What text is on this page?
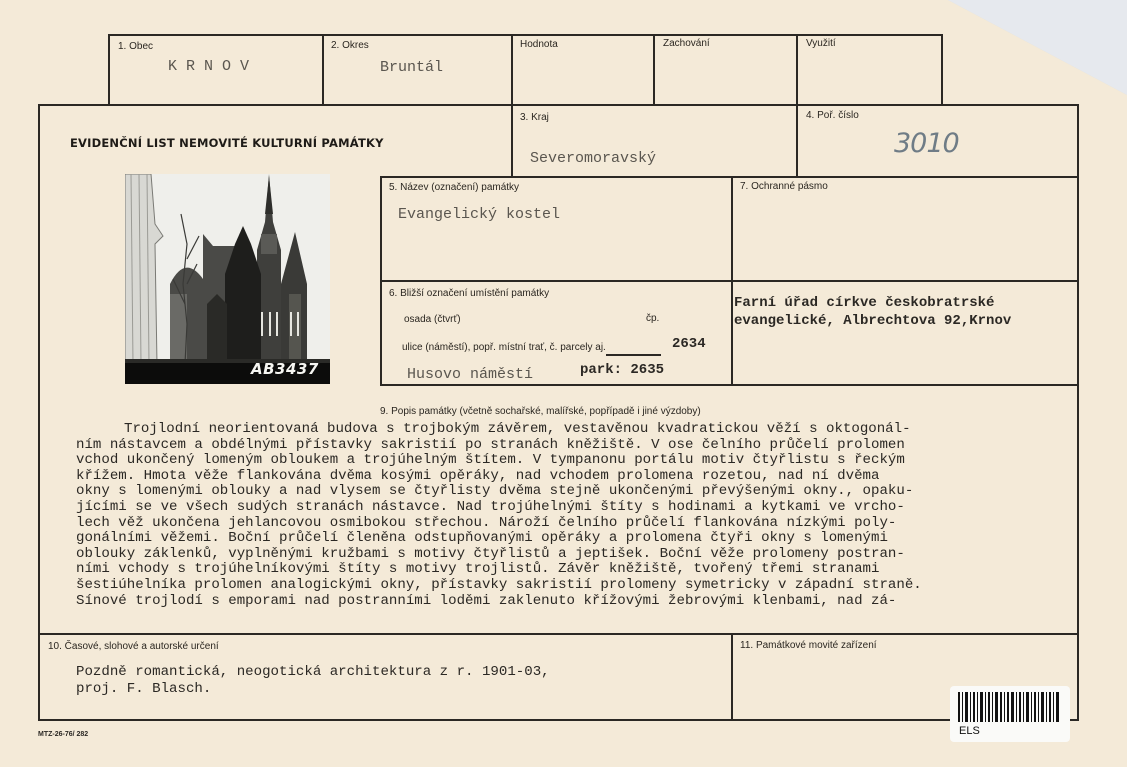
1. Obec
K R N O V
2. Okres
Bruntál
Hodnota	Zachování	Využití
EVIDENČNÍ LIST NEMOVITÉ KULTURNÍ PAMÁTKY
3. Kraj
Severomoravský
4. Poř. číslo
3010
AB3437
5. Název (označení) památky
Evangelický kostel
7. Ochranné pásmo
6. Bližší označení umístění památky
osada (čtvrť)	čp.
ulice (náměstí), popř. místní trať, č. parcely aj.	2634
Husovo náměstí	park: 2635
Farní úřad církve českobratrské
evangelické, Albrechtova 92,Krnov
9. Popis památky (včetně sochařské, malířské, popřípadě i jiné výzdoby)
Trojlodní neorientovaná budova s trojbokým závěrem, vestavěnou kvadratickou věží s oktogonál-
ním nástavcem a obdélnými přístavky sakristií po stranách kněžiště. V ose čelního průčelí prolomen
vchod ukončený lomeným obloukem a trojúhelným štítem. V tympanonu portálu motiv čtyřlistu s řeckým
křížem. Hmota věže flankována dvěma kosými opěráky, nad vchodem prolomena rozetou, nad ní dvěma
okny s lomenými oblouky a nad vlysem se čtyřlisty dvěma stejně ukončenými převýšenými okny., opaku-
jícími se ve všech sudých stranách nástavce. Nad trojúhelnými štíty s hodinami a kytkami ve vrcho-
lech věž ukončena jehlancovou osmibokou střechou. Nároží čelního průčelí flankována nízkými poly-
gonálními věžemi. Boční průčelí členěna odstupňovanými opěráky a prolomena čtyři okny s lomenými
oblouky záklenků, vyplněnými kružbami s motivy čtyřlistů a jeptišek. Boční věže prolomeny postran-
ními vchody s trojúhelníkovými štíty s motivy trojlistů. Závěr kněžiště, tvořený třemi stranami
šestiúhelníka prolomen analogickými okny, přístavky sakristií prolomeny symetricky v západní straně.
Sínové trojlodí s emporami nad postranními loděmi zaklenuto křížovými žebrovými klenbami, nad zá-
10. Časové, slohové a autorské určení
Pozdně romantická, neogotická architektura z r. 1901-03,
proj. F. Blasch.
11. Památkové movité zařízení
MTZ-26-76/ 282	ELS
